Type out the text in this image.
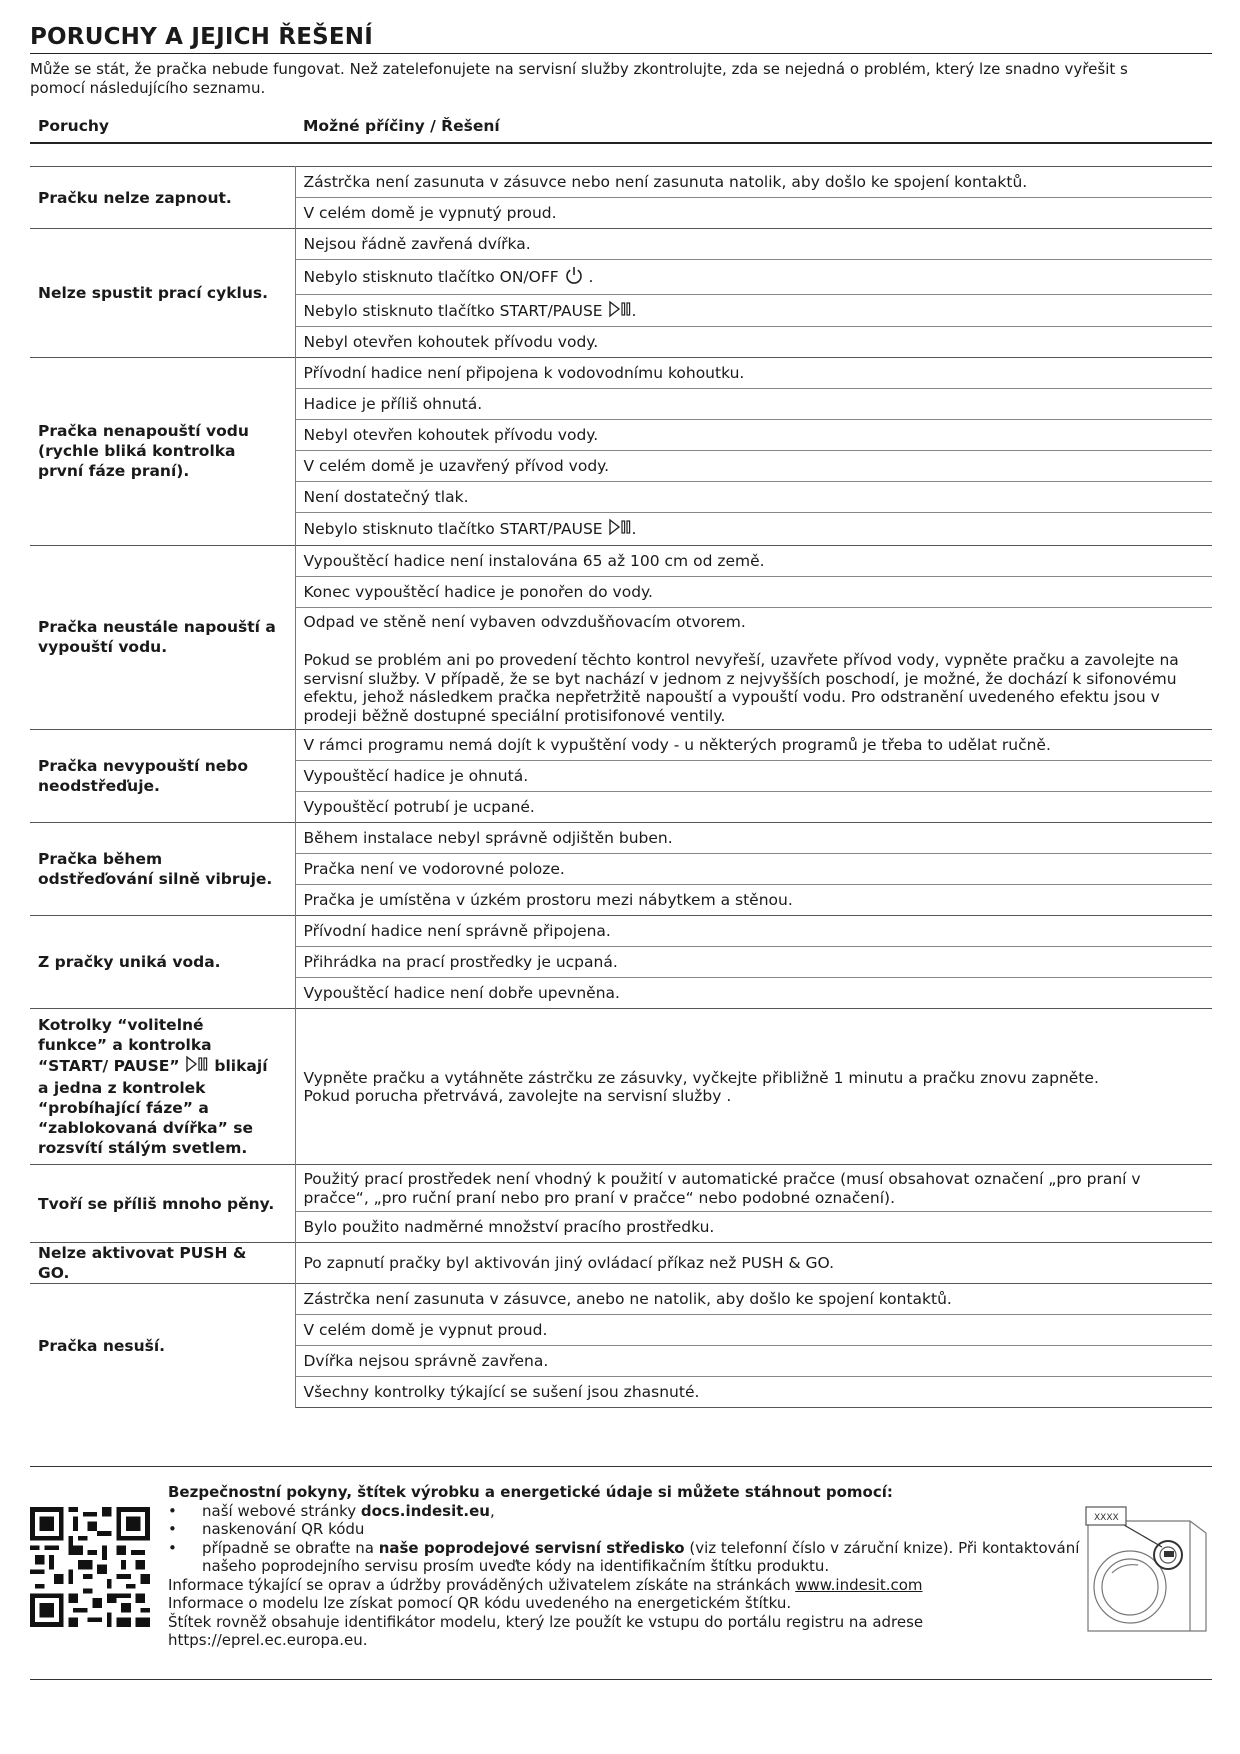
PORUCHY A JEJICH ŘEŠENÍ
Může se stát, že pračka nebude fungovat. Než zatelefonujete na servisní služby zkontrolujte, zda se nejedná o problém, který lze snadno vyřešit s pomocí následujícího seznamu.
Poruchy	Možné příčiny / Řešení

Pračku nelze zapnout.	Zástrčka není zasunuta v zásuvce nebo není zasunuta natolik, aby došlo ke spojení kontaktů.
	V celém domě je vypnutý proud.
Nelze spustit prací cyklus.	Nejsou řádně zavřená dvířka.
	Nebylo stisknuto tlačítko ON/OFF  .
	Nebylo stisknuto tlačítko START/PAUSE .
	Nebyl otevřen kohoutek přívodu vody.
Pračka nenapouští vodu (rychle bliká kontrolka první fáze praní).	Přívodní hadice není připojena k vodovodnímu kohoutku.
	Hadice je příliš ohnutá.
	Nebyl otevřen kohoutek přívodu vody.
	V celém domě je uzavřený přívod vody.
	Není dostatečný tlak.
	Nebylo stisknuto tlačítko START/PAUSE .
Pračka neustále napouští a vypouští vodu.	Vypouštěcí hadice není instalována 65 až 100 cm od země.
	Konec vypouštěcí hadice je ponořen do vody.

	Odpad ve stěně není vybaven odvzdušňovacím otvorem.
Pokud se problém ani po provedení těchto kontrol nevyřeší, uzavřete přívod vody, vypněte pračku a zavolejte na servisní služby. V případě, že se byt nachází v jednom z nejvyšších poschodí, je možné, že dochází k sifonovému efektu, jehož následkem pračka nepřetržitě napouští a vypouští vodu. Pro odstranění uvedeného efektu jsou v prodeji běžně dostupné speciální protisifonové ventily.

Pračka nevypouští nebo neodstřeďuje.	V rámci programu nemá dojít k vypuštění vody - u některých programů je třeba to udělat ručně.
	Vypouštěcí hadice je ohnutá.
	Vypouštěcí potrubí je ucpané.
Pračka během odstřeďování silně vibruje.	Během instalace nebyl správně odjištěn buben.
	Pračka není ve vodorovné poloze.
	Pračka je umístěna v úzkém prostoru mezi nábytkem a stěnou.
Z pračky uniká voda.	Přívodní hadice není správně připojena.
	Přihrádka na prací prostředky je ucpaná.
	Vypouštěcí hadice není dobře upevněna.
Kotrolky “volitelné funkce” a kontrolka “START/ PAUSE” blikají a jedna z kontrolek “probíhající fáze” a “zablokovaná dvířka” se rozsvítí stálým svetlem.	Vypněte pračku a vytáhněte zástrčku ze zásuvky, vyčkejte přibližně 1 minutu a pračku znovu zapněte.
Pokud porucha přetrvává, zavolejte na servisní služby .

Tvoří se příliš mnoho pěny.	Použitý prací prostředek není vhodný k použití v automatické pračce (musí obsahovat označení „pro praní v pračce“, „pro ruční praní nebo pro praní v pračce“ nebo podobné označení).
	Bylo použito nadměrné množství pracího prostředku.
Nelze aktivovat PUSH & GO.	Po zapnutí pračky byl aktivován jiný ovládací příkaz než PUSH & GO.
Pračka nesuší.	Zástrčka není zasunuta v zásuvce, anebo ne natolik, aby došlo ke spojení kontaktů.
	V celém domě je vypnut proud.
	Dvířka nejsou správně zavřena.
	Všechny kontrolky týkající se sušení jsou zhasnuté.
Bezpečnostní pokyny, štítek výrobku a energetické údaje si můžete stáhnout pomocí:
• naší webové stránky docs.indesit.eu,
• naskenování QR kódu
• případně se obraťte na naše poprodejové servisní středisko (viz telefonní číslo v záruční knize). Při kontaktování našeho poprodejního servisu prosím uveďte kódy na identifikačním štítku produktu.
Informace týkající se oprav a údržby prováděných uživatelem získáte na stránkách www.indesit.com
Informace o modelu lze získat pomocí QR kódu uvedeného na energetickém štítku.
Štítek rovněž obsahuje identifikátor modelu, který lze použít ke vstupu do portálu registru na adrese https://eprel.ec.europa.eu.
XXXX
